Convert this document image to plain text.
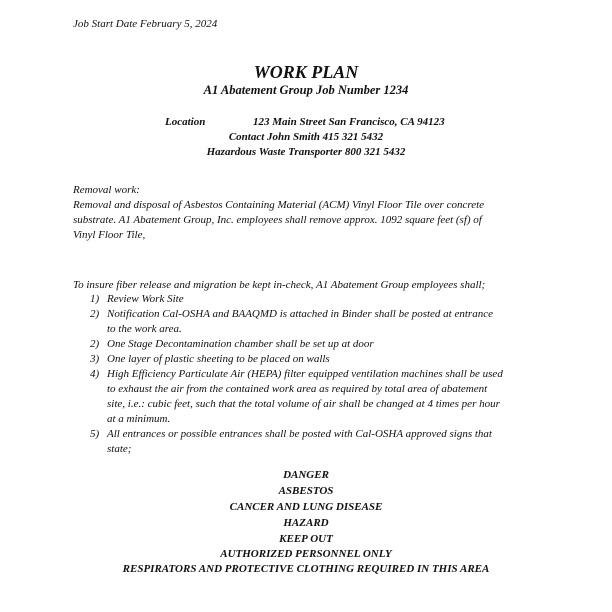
Job Start Date February 5, 2024
WORK PLAN
A1 Abatement Group Job Number 1234
Location	123 Main Street San Francisco, CA 94123
Contact John Smith 415 321 5432
Hazardous Waste Transporter 800 321 5432
Removal work:
Removal and disposal of Asbestos Containing Material (ACM) Vinyl Floor Tile over concrete
substrate. A1 Abatement Group, Inc. employees shall remove approx. 1092 square feet (sf) of
Vinyl Floor Tile,
To insure fiber release and migration be kept in-check, A1 Abatement Group employees shall;
1) Review Work Site
2) Notification Cal-OSHA and BAAQMD is attached in Binder shall be posted at entrance
to the work area.
2) One Stage Decontamination chamber shall be set up at door
3) One layer of plastic sheeting to be placed on walls
4) High Efficiency Particulate Air (HEPA) filter equipped ventilation machines shall be used
to exhaust the air from the contained work area as required by total area of abatement
site, i.e.: cubic feet, such that the total volume of air shall be changed at 4 times per hour
at a minimum.
5) All entrances or possible entrances shall be posted with Cal-OSHA approved signs that
state;
DANGER
ASBESTOS
CANCER AND LUNG DISEASE
HAZARD
KEEP OUT
AUTHORIZED PERSONNEL ONLY
RESPIRATORS AND PROTECTIVE CLOTHING REQUIRED IN THIS AREA
